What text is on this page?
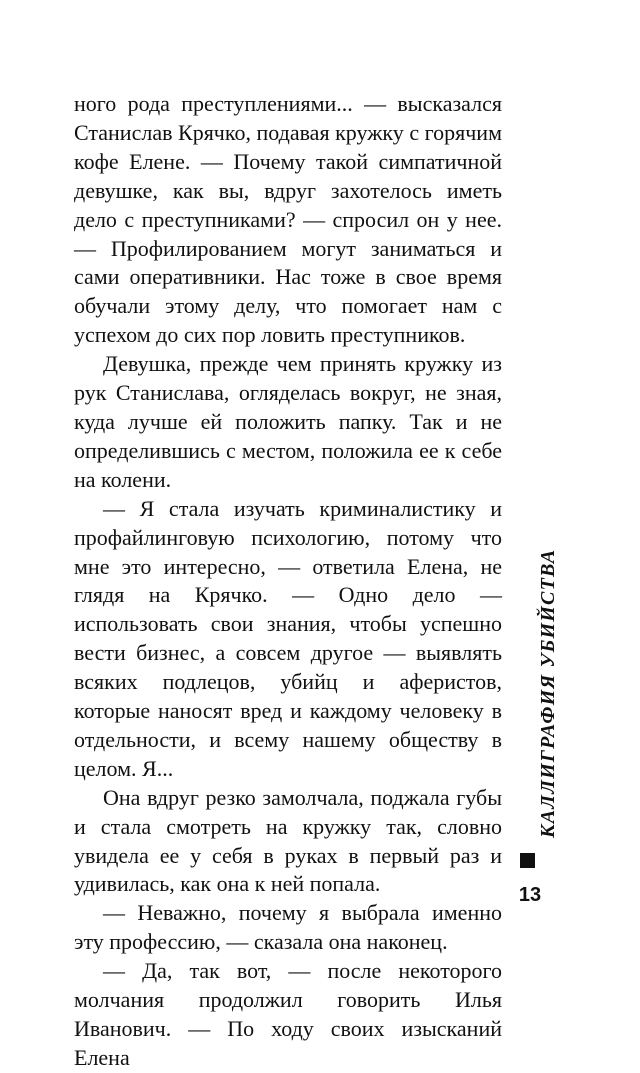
ного рода преступлениями... — высказался Станислав Крячко, подавая кружку с горячим кофе Елене. — Почему такой симпатичной девушке, как вы, вдруг захотелось иметь дело с преступниками? — спросил он у нее. — Профилированием могут заниматься и сами оперативники. Нас тоже в свое время обучали этому делу, что помогает нам с успехом до сих пор ловить преступников.

Девушка, прежде чем принять кружку из рук Станислава, огляделась вокруг, не зная, куда лучше ей положить папку. Так и не определившись с местом, положила ее к себе на колени.

— Я стала изучать криминалистику и профайлинговую психологию, потому что мне это интересно, — ответила Елена, не глядя на Крячко. — Одно дело — использовать свои знания, чтобы успешно вести бизнес, а совсем другое — выявлять всяких подлецов, убийц и аферистов, которые наносят вред и каждому человеку в отдельности, и всему нашему обществу в целом. Я...

Она вдруг резко замолчала, поджала губы и стала смотреть на кружку так, словно увидела ее у себя в руках в первый раз и удивилась, как она к ней попала.

— Неважно, почему я выбрала именно эту профессию, — сказала она наконец.

— Да, так вот, — после некоторого молчания продолжил говорить Илья Иванович. — По ходу своих изысканий Елена

КАЛЛИГРАФИЯ УБИЙСТВА
13
